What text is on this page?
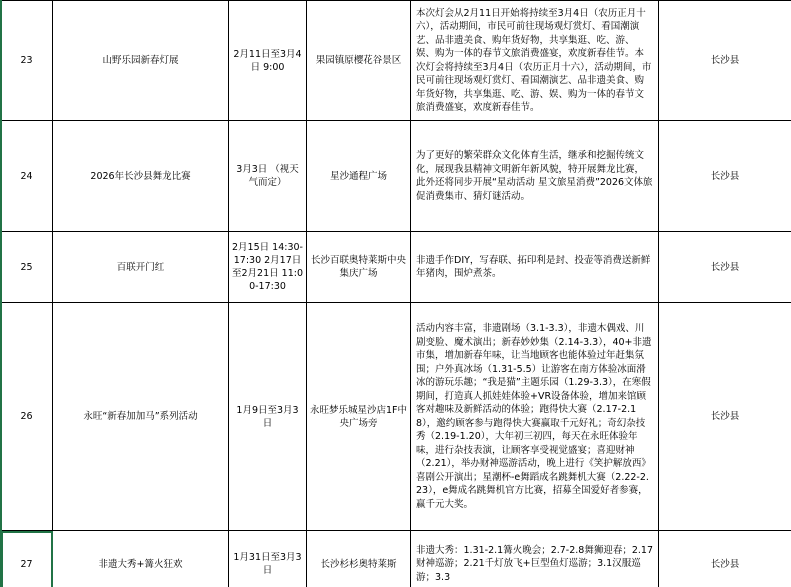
23	山野乐园新春灯展	2月11日至3月4日 9:00	果园镇原樱花谷景区	本次灯会从2月11日开始将持续至3月4日（农历正月十六），活动期间，市民可前往现场观灯赏灯、看国潮演艺、品非遗美食、购年货好物，共享集逛、吃、游、娱、购为一体的春节文旅消费盛宴，欢度新春佳节。本次灯会将持续至3月4日（农历正月十六），活动期间，市民可前往现场观灯赏灯、看国潮演艺、品非遗美食、购年货好物，共享集逛、吃、游、娱、购为一体的春节文旅消费盛宴，欢度新春佳节。	长沙县
24	2026年长沙县舞龙比赛	3月3日 （视天气而定）	星沙通程广场	为了更好的繁荣群众文化体育生活，继承和挖掘传统文化，展现我县精神文明新年新风貌，特开展舞龙比赛，此外还将同步开展“星动活动 星文旅星消费”2026文体旅促消费集市、猜灯谜活动。	长沙县
25	百联开门红	2月15日 14:30-17:30 2月17日至2月21日 11:00-17:30	长沙百联奥特莱斯中央集庆广场	非遗手作DIY，写春联、拓印利是封、投壶等消费送新鲜年猪肉，围炉煮茶。	长沙县
26	永旺“新春加加马”系列活动	1月9日至3月3日	永旺梦乐城星沙店1F中央广场旁	活动内容丰富，非遗剧场（3.1-3.3），非遗木偶戏、川剧变脸、魔术演出；新春妙妙集（2.14-3.3），40+非遗市集，增加新春年味，让当地顾客也能体验过年赶集氛围；户外真冰场（1.31-5.5）让游客在南方体验冰面滑冰的游玩乐趣；“我是猫”主题乐园（1.29-3.3），在寒假期间，打造真人抓娃娃体验+VR设备体验，增加来馆顾客对趣味及新鲜活动的体验；跑得快大赛（2.17-2.18），邀约顾客参与跑得快大赛赢取千元好礼；奇幻杂技秀（2.19-1.20），大年初三初四，每天在永旺体验年味，进行杂技表演，让顾客享受视觉盛宴；喜迎财神（2.21），举办财神巡游活动，晚上进行《笑护解放西》喜剧公开演出；星潮杯-e舞蹈成名跳舞机大赛（2.22-2.23），e舞成名跳舞机官方比赛，招募全国爱好者参赛，赢千元大奖。	长沙县
27	非遗大秀+篝火狂欢	1月31日至3月3日	长沙杉杉奥特莱斯	非遗大秀：1.31-2.1篝火晚会；2.7-2.8舞狮迎春；2.17财神巡游；2.21千灯放飞+巨型鱼灯巡游；3.1汉服巡游；3.3	长沙县
